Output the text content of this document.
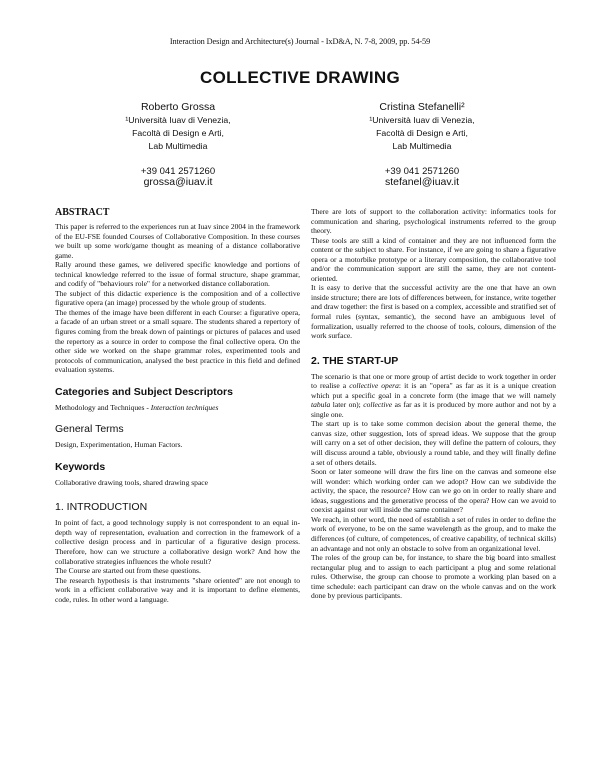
Interaction Design and Architecture(s) Journal - IxD&A, N. 7-8, 2009, pp. 54-59
COLLECTIVE DRAWING
Roberto Grossa
¹Università Iuav di Venezia,
Facoltà di Design e Arti,
Lab Multimedia
+39 041 2571260
grossa@iuav.it
Cristina Stefanelli²
¹Università Iuav di Venezia,
Facoltà di Design e Arti,
Lab Multimedia
+39 041 2571260
stefanel@iuav.it
ABSTRACT

This paper is referred to the experiences run at Iuav since 2004 in the framework of the EU-FSE founded Courses of Collaborative Composition. In these courses we built up some work/game thought as meaning of a distance collaborative game.

Rally around these games, we delivered specific knowledge and portions of technical knowledge referred to the issue of formal structure, shape grammar, and codify of "behaviours role" for a networked distance collaboration.

The subject of this didactic experience is the composition and of a collective figurative opera (an image) processed by the whole group of students.

The themes of the image have been different in each Course: a figurative opera, a facade of an urban street or a small square. The students shared a repertory of figures coming from the break down of paintings or pictures of palaces and used the repertory as a source in order to compose the final collective opera. On the other side we worked on the shape grammar roles, experimented tools and protocols of communication, analysed the best practice in this field and defined evaluation systems.

Categories and Subject Descriptors

Methodology and Techniques - Interaction techniques

General Terms

Design, Experimentation, Human Factors.

Keywords

Collaborative drawing tools, shared drawing space

1. INTRODUCTION

In point of fact, a good technology supply is not correspondent to an equal in-depth way of representation, evaluation and correction in the framework of a collective design process and in particular of a figurative design process. Therefore, how can we structure a collaborative design work? And how the collaborative strategies influences the whole result?

The Course are started out from these questions.

The research hypothesis is that instruments "share oriented" are not enough to work in a efficient collaborative way and it is important to define elements, code, rules. In other word a language.

There are lots of support to the collaboration activity: informatics tools for communication and sharing, psychological instruments referred to the group theory.

These tools are still a kind of container and they are not influenced form the content or the subject to share. For instance, if we are going to share a figurative opera or a motorbike prototype or a literary composition, the collaborative tool and/or the communication support are still the same, they are not content-oriented.

It is easy to derive that the successful activity are the one that have an own inside structure; there are lots of differences between, for instance, write together and draw together: the first is based on a complex, accessible and stratified set of formal rules (syntax, semantic), the second have an ambiguous level of formalization, usually referred to the choose of tools, colours, dimension of the work surface.

2. THE START-UP

The scenario is that one or more group of artist decide to work together in order to realise a collective opera: it is an "opera" as far as it is a unique creation which put a specific goal in a concrete form (the image that we will namely tabula later on); collective as far as it is produced by more author and not by a single one.

The start up is to take some common decision about the general theme, the canvas size, other suggestion, lots of spread ideas. We suppose that the group will carry on a set of other decision, they will define the pattern of colours, they will discuss around a table, obviously a round table, and they will finally define a set of others details.

Soon or later someone will draw the firs line on the canvas and someone else will wonder: which working order can we adopt? How can we subdivide the activity, the space, the resource? How can we go on in order to really share and ideas, suggestions and the generative process of the opera? How can we avoid to coexist against our will inside the same container?

We reach, in other word, the need of establish a set of rules in order to define the work of everyone, to be on the same wavelength as the group, and to make the differences (of culture, of competences, of creative capability, of technical skills) an advantage and not only an obstacle to solve from an organizational level.

The roles of the group can be, for instance, to share the big board into smallest rectangular plug and to assign to each participant a plug and some relational rules. Otherwise, the group can choose to promote a working plan based on a time schedule: each participant can draw on the whole canvas and on the work done by previous participants.
